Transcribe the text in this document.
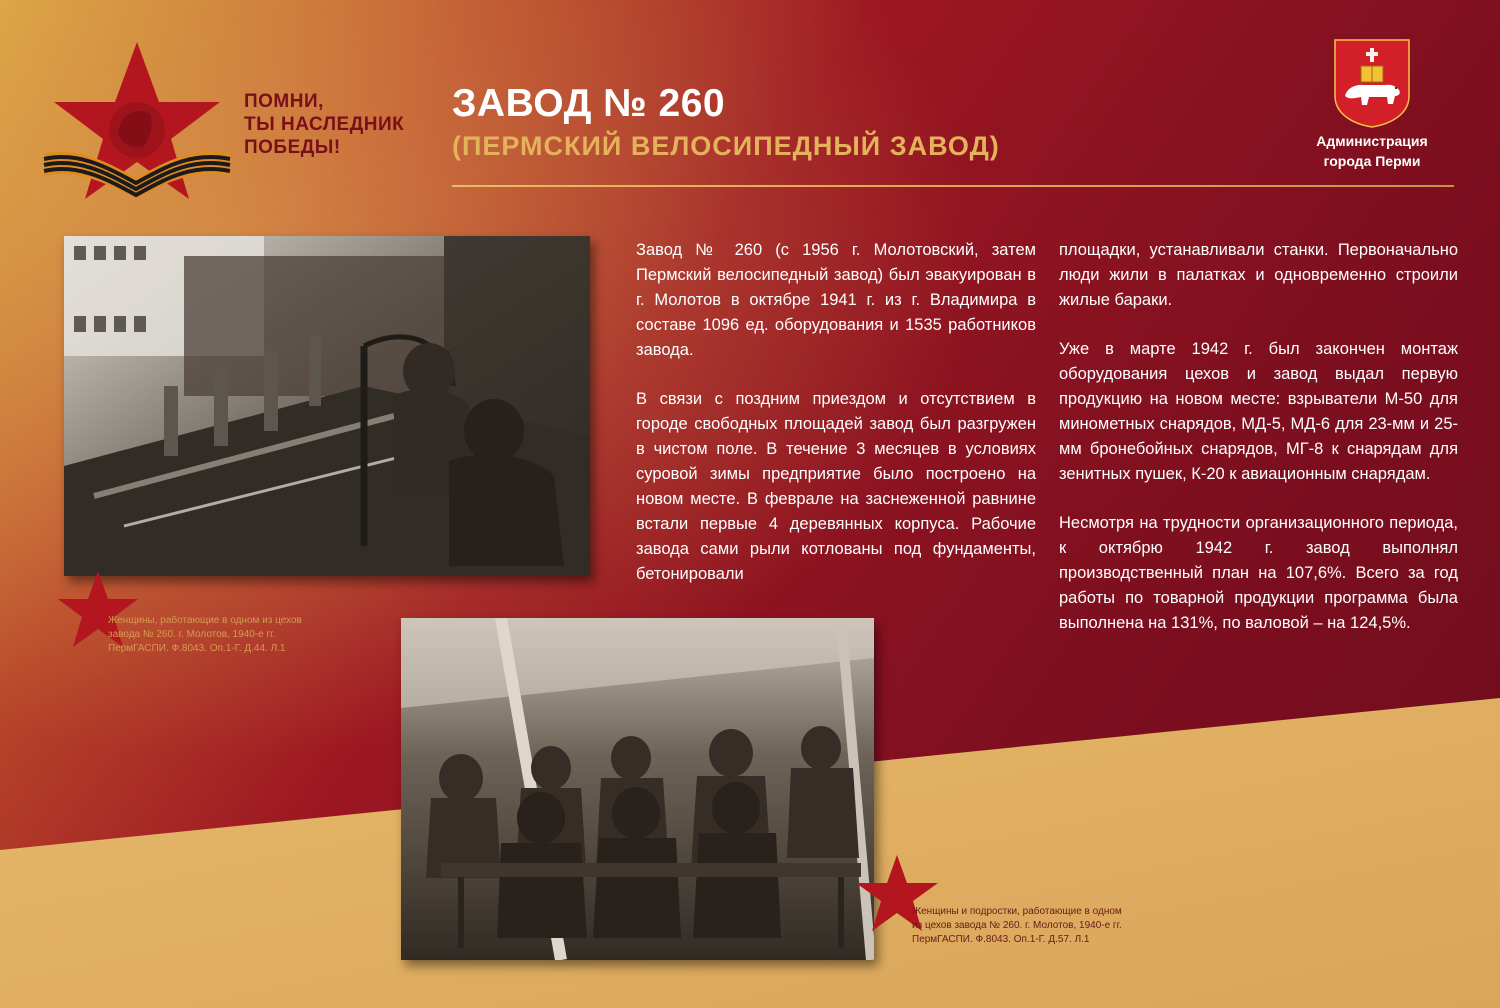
ПОМНИ,
ТЫ НАСЛЕДНИК
ПОБЕДЫ!

ЗАВОД № 260
(ПЕРМСКИЙ ВЕЛОСИПЕДНЫЙ ЗАВОД)	Администрация
города Перми

Женщины, работающие в одном из цехов
завода № 260. г. Молотов, 1940-е гг.
ПермГАСПИ. Ф.8043. Оп.1-Г. Д.44. Л.1

Женщины и подростки, работающие в одном
из цехов завода № 260. г. Молотов, 1940-е гг.
ПермГАСПИ. Ф.8043. Оп.1-Г. Д.57. Л.1

Завод № 260 (с 1956 г. Молотовский, затем Пермский велосипедный завод) был эвакуирован в г. Молотов в октябре 1941 г. из г. Владимира в составе 1096 ед. оборудования и 1535 работников завода.

В связи с поздним приездом и отсутствием в городе свободных площадей завод был разгружен в чистом поле. В течение 3 месяцев в условиях суровой зимы предприятие было построено на новом месте. В феврале на заснеженной равнине встали первые 4 деревянных корпуса. Рабочие завода сами рыли котлованы под фундаменты, бетонировали

площадки, устанавливали станки. Первоначально люди жили в палатках и одновременно строили жилые бараки.

Уже в марте 1942 г. был закончен монтаж оборудования цехов и завод выдал первую продукцию на новом месте: взрыватели М-50 для минометных снарядов, МД-5, МД-6 для 23-мм и 25-мм бронебойных снарядов, МГ-8 к снарядам для зенитных пушек, К-20 к авиационным снарядам.

Несмотря на трудности организационного периода, к октябрю 1942 г. завод выполнял производственный план на 107,6%. Всего за год работы по товарной продукции программа была выполнена на 131%, по валовой – на 124,5%.
